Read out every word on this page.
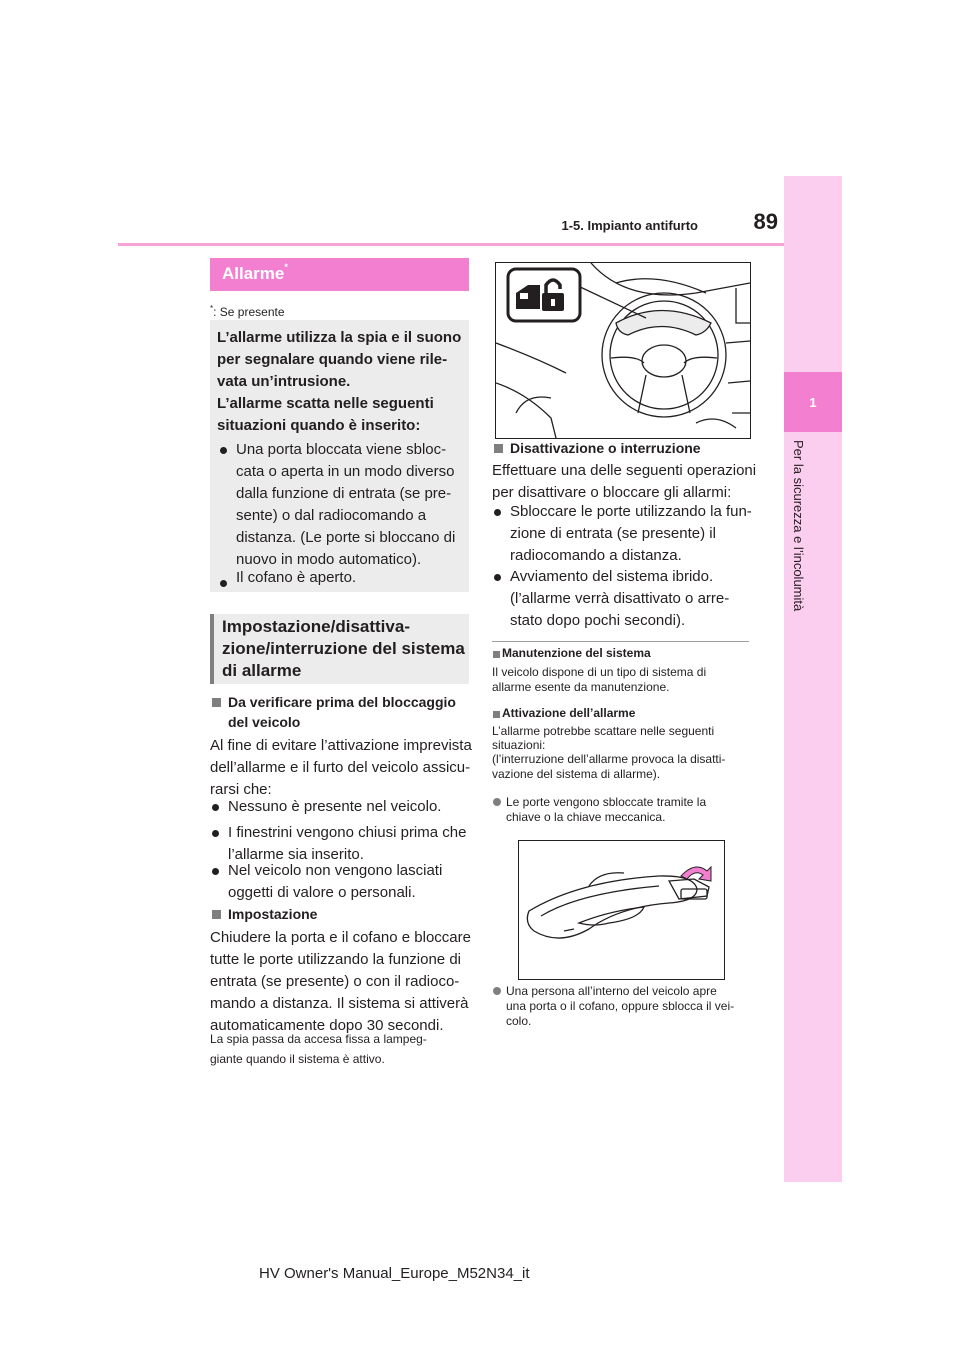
89
1-5. Impianto antifurto
1
Per la sicurezza e l’incolumità
Allarme*
*: Se presente
L’allarme utilizza la spia e il suono
per segnalare quando viene rile-
vata un’intrusione.
L’allarme scatta nelle seguenti
situazioni quando è inserito:
Una porta bloccata viene sbloc-
cata o aperta in un modo diverso
dalla funzione di entrata (se pre-
sente) o dal radiocomando a
distanza. (Le porte si bloccano di
nuovo in modo automatico).
Il cofano è aperto.
Impostazione/disattiva-
zione/interruzione del sistema
di allarme
Da verificare prima del bloccaggio
del veicolo
Al fine di evitare l’attivazione imprevista
dell’allarme e il furto del veicolo assicu-
rarsi che:
Nessuno è presente nel veicolo.
I finestrini vengono chiusi prima che
l’allarme sia inserito.
Nel veicolo non vengono lasciati
oggetti di valore o personali.
Impostazione
Chiudere la porta e il cofano e bloccare
tutte le porte utilizzando la funzione di
entrata (se presente) o con il radioco-
mando a distanza. Il sistema si attiverà
automaticamente dopo 30 secondi.
La spia passa da accesa fissa a lampeg-
giante quando il sistema è attivo.
Disattivazione o interruzione
Effettuare una delle seguenti operazioni
per disattivare o bloccare gli allarmi:
Sbloccare le porte utilizzando la fun-
zione di entrata (se presente) il
radiocomando a distanza.
Avviamento del sistema ibrido.
(l’allarme verrà disattivato o arre-
stato dopo pochi secondi).
Manutenzione del sistema
Il veicolo dispone di un tipo di sistema di
allarme esente da manutenzione.
Attivazione dell’allarme
L’allarme potrebbe scattare nelle seguenti
situazioni:
(l’interruzione dell’allarme provoca la disatti-
vazione del sistema di allarme).
Le porte vengono sbloccate tramite la
chiave o la chiave meccanica.
Una persona all’interno del veicolo apre
una porta o il cofano, oppure sblocca il vei-
colo.
HV Owner's Manual_Europe_M52N34_it
